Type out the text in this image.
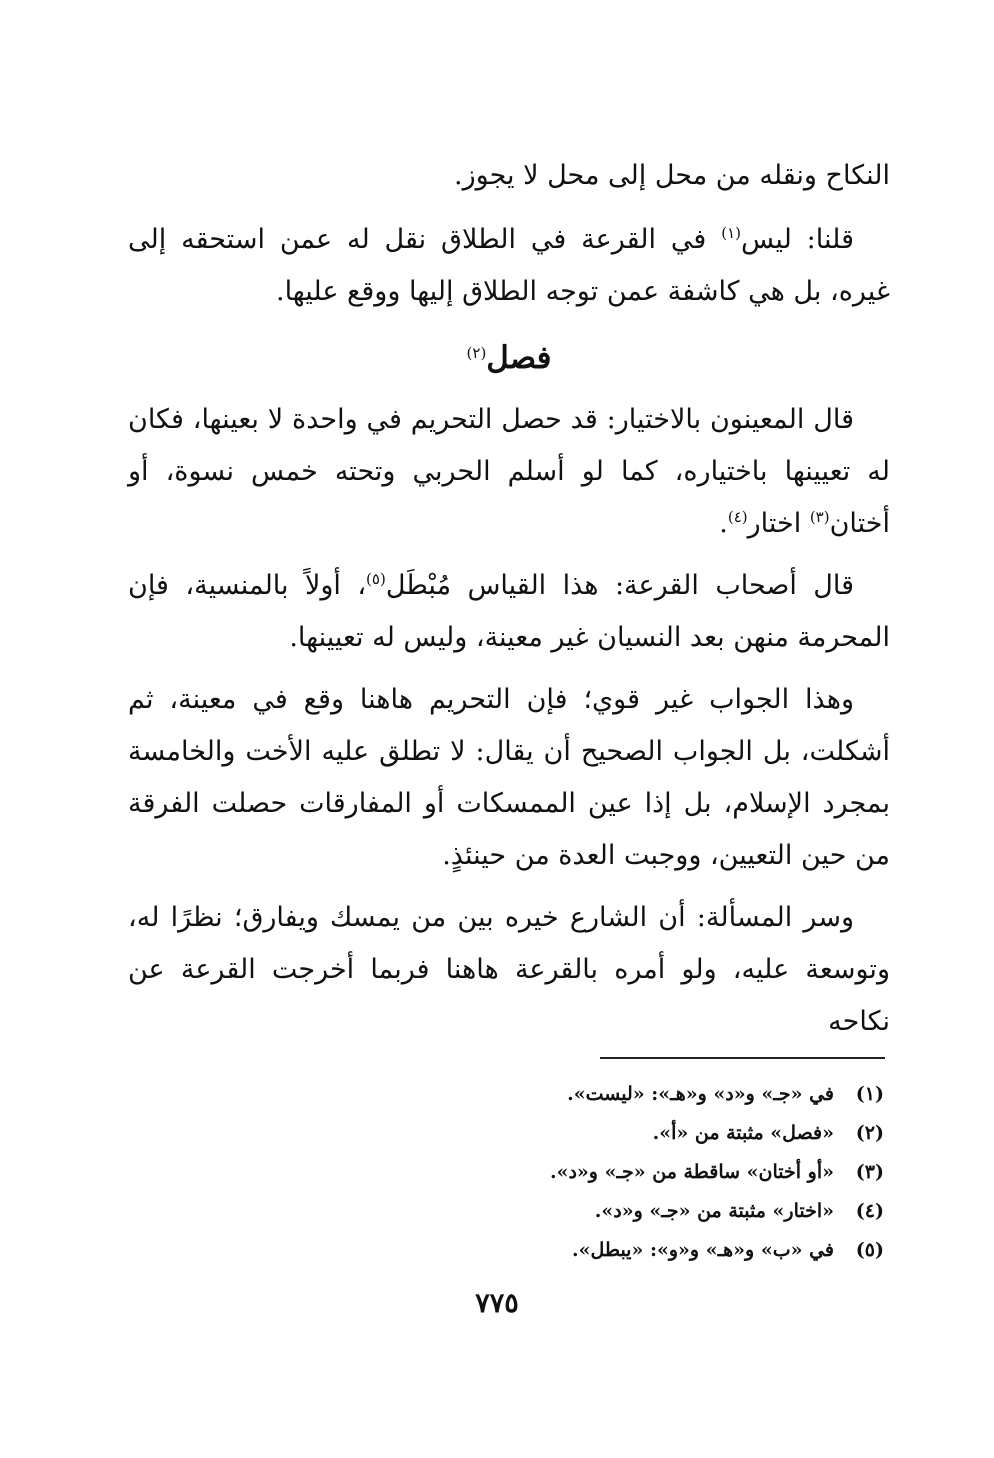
النكاح ونقله من محل إلى محل لا يجوز.

قلنا: ليس$^{(١)}$ في القرعة في الطلاق نقل له عمن استحقه إلى غيره، بل هي كاشفة عمن توجه الطلاق إليها ووقع عليها.

فصل$^{(٢)}$

قال المعينون بالاختيار: قد حصل التحريم في واحدة لا بعينها، فكان له تعيينها باختياره، كما لو أسلم الحربي وتحته خمس نسوة، أو أختان$^{(٣)}$ اختار$^{(٤)}$.

قال أصحاب القرعة: هذا القياس مُبْطَل$^{(٥)}$، أولاً بالمنسية، فإن المحرمة منهن بعد النسيان غير معينة، وليس له تعيينها.

وهذا الجواب غير قوي؛ فإن التحريم هاهنا وقع في معينة، ثم أشكلت، بل الجواب الصحيح أن يقال: لا تطلق عليه الأخت والخامسة بمجرد الإسلام، بل إذا عين الممسكات أو المفارقات حصلت الفرقة من حين التعيين، ووجبت العدة من حينئذٍ.

وسر المسألة: أن الشارع خيره بين من يمسك ويفارق؛ نظرًا له، وتوسعة عليه، ولو أمره بالقرعة هاهنا فربما أخرجت القرعة عن نكاحه

(١)
في «جـ» و«د» و«هـ»: «ليست».
(٢)
«فصل» مثبتة من «أ».
(٣)
«أو أختان» ساقطة من «جـ» و«د».
(٤)
«اختار» مثبتة من «جـ» و«د».
(٥)
في «ب» و«هـ» و«و»: «يبطل».
٧٧٥
